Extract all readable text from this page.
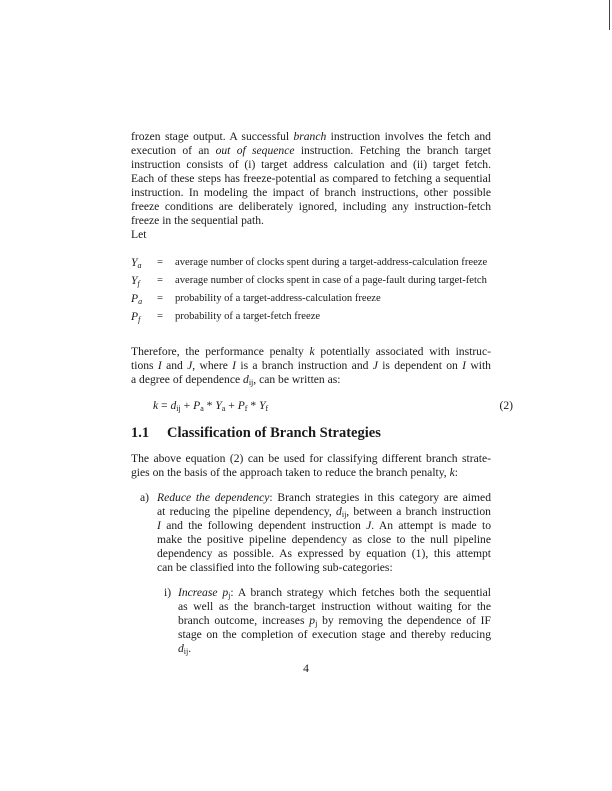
frozen stage output. A successful branch instruction involves the fetch and
execution of an out of sequence instruction. Fetching the branch target
instruction consists of (i) target address calculation and (ii) target fetch.
Each of these steps has freeze-potential as compared to fetching a sequential
instruction. In modeling the impact of branch instructions, other possible
freeze conditions are deliberately ignored, including any instruction-fetch
freeze in the sequential path.
Let
$Y_a$	=	average number of clocks spent during a target-address-calculation freeze
$Y_f$	=	average number of clocks spent in case of a page-fault during target-fetch
$P_a$	=	probability of a target-address-calculation freeze
$P_f$	=	probability of a target-fetch freeze
Therefore, the performance penalty k potentially associated with instruc-
tions I and J, where I is a branch instruction and J is dependent on I with
a degree of dependence $d_{ij}$, can be written as:
$k = d_{ij} + P_a * Y_a + P_f * Y_f$	(2)
1.1 Classification of Branch Strategies
The above equation (2) can be used for classifying different branch strate-
gies on the basis of the approach taken to reduce the branch penalty, k:
a) Reduce the dependency: Branch strategies in this category are aimed
at reducing the pipeline dependency, $d_{ij}$, between a branch instruction
I and the following dependent instruction J. An attempt is made to
make the positive pipeline dependency as close to the null pipeline
dependency as possible. As expressed by equation (1), this attempt
can be classified into the following sub-categories:
i) Increase $p_j$: A branch strategy which fetches both the sequential
as well as the branch-target instruction without waiting for the
branch outcome, increases $p_j$ by removing the dependence of IF
stage on the completion of execution stage and thereby reducing
$d_{ij}$.
4
